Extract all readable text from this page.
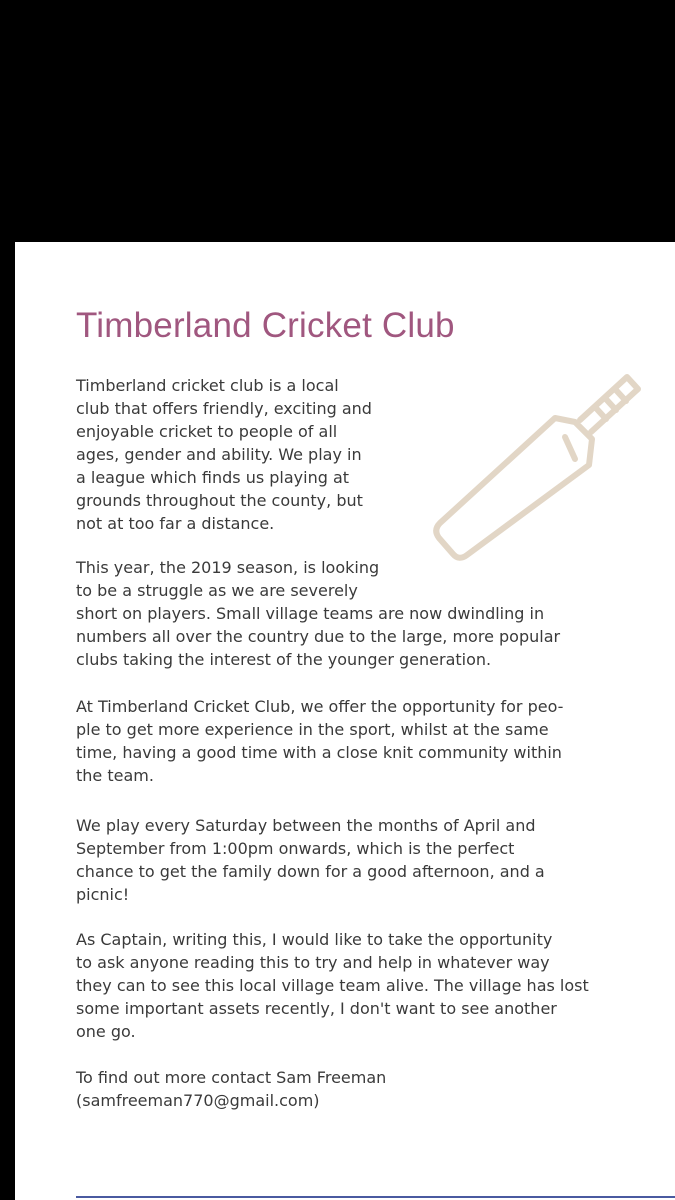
Timberland Cricket Club
Timberland cricket club is a local
club that offers friendly, exciting and
enjoyable cricket to people of all
ages, gender and ability. We play in
a league which finds us playing at
grounds throughout the county, but
not at too far a distance.
This year, the 2019 season, is looking
to be a struggle as we are severely
short on players. Small village teams are now dwindling in
numbers all over the country due to the large, more popular
clubs taking the interest of the younger generation.
At Timberland Cricket Club, we offer the opportunity for peo-
ple to get more experience in the sport, whilst at the same
time, having a good time with a close knit community within
the team.
We play every Saturday between the months of April and
September from 1:00pm onwards, which is the perfect
chance to get the family down for a good afternoon, and a
picnic!
As Captain, writing this, I would like to take the opportunity
to ask anyone reading this to try and help in whatever way
they can to see this local village team alive. The village has lost
some important assets recently, I don't want to see another
one go.
To find out more contact Sam Freeman
(samfreeman770@gmail.com)
